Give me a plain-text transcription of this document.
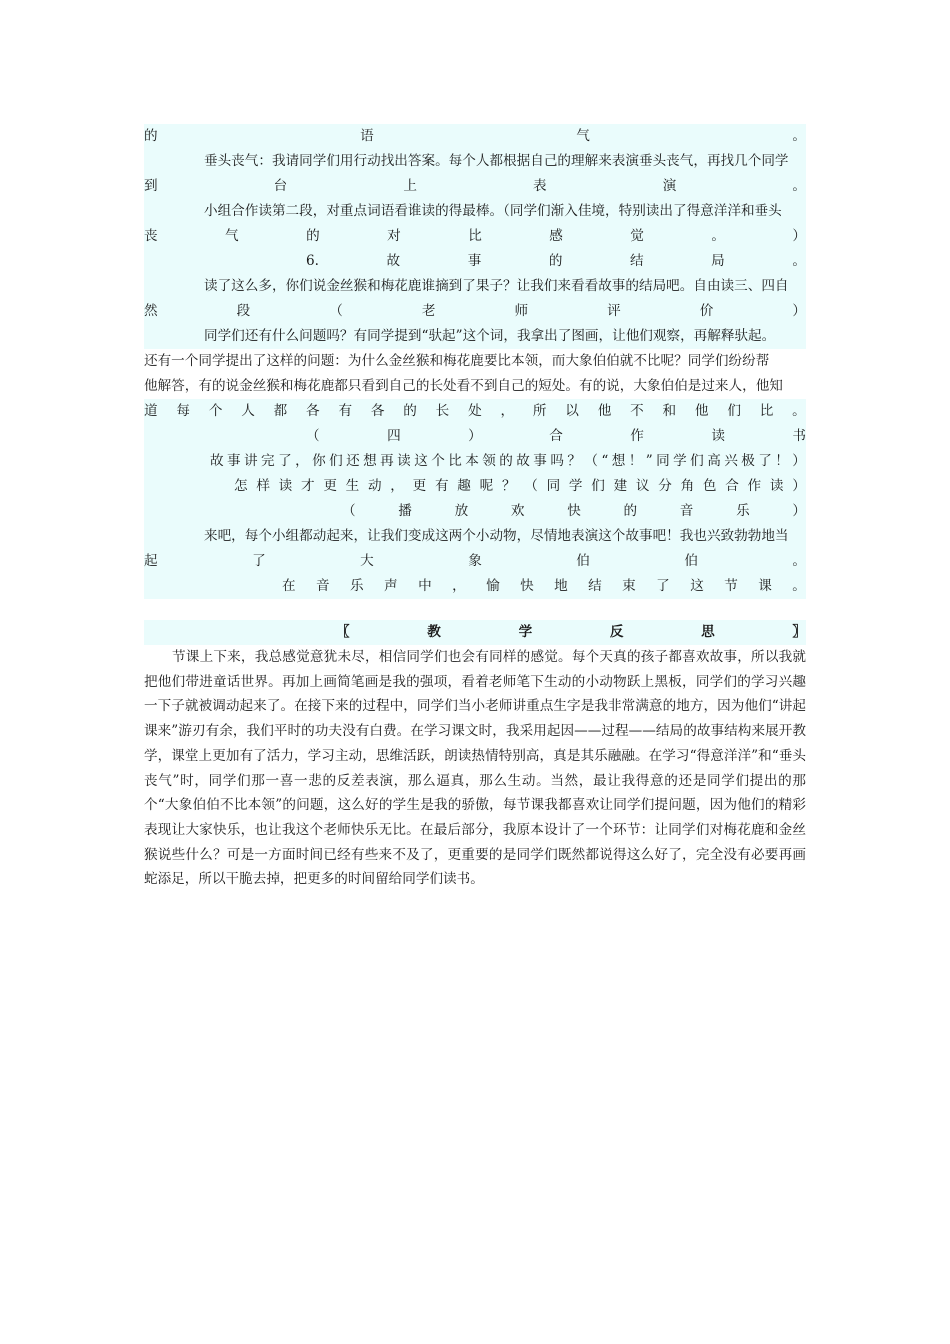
的	语	气	。
垂头丧气：我请同学们用行动找出答案。每个人都根据自己的理解来表演垂头丧气，再找几个同学
到	台	上	表	演	。
小组合作读第二段，对重点词语看谁读的得最棒。（同学们渐入佳境，特别读出了得意洋洋和垂头
丧	气	的	对	比	感	觉	。	）
6.	故	事	的	结	局	。
读了这么多，你们说金丝猴和梅花鹿谁摘到了果子？让我们来看看故事的结局吧。自由读三、四自
然	段	（	老	师	评	价	）
同学们还有什么问题吗？有同学提到“驮起”这个词，我拿出了图画，让他们观察，再解释驮起。
还有一个同学提出了这样的问题：为什么金丝猴和梅花鹿要比本领，而大象伯伯就不比呢？同学们纷纷帮
他解答，有的说金丝猴和梅花鹿都只看到自己的长处看不到自己的短处。有的说，大象伯伯是过来人，他知
道 每 个 人 都 各 有 各 的 长 处 ， 所 以 他 不 和 他 们 比 。
（	四	）	合	作	读	书
故 事 讲 完 了 ， 你 们 还 想 再 读 这 个 比 本 领 的 故 事 吗 ？ （ “ 想 ！ ” 同 学 们 高 兴 极 了 ！ ）
怎 样 读 才 更 生 动 ， 更 有 趣 呢 ？ （ 同 学 们 建 议 分 角 色 合 作 读 ）
（	播	放	欢	快	的	音	乐	）
来吧，每个小组都动起来，让我们变成这两个小动物，尽情地表演这个故事吧！我也兴致勃勃地当
起	了	大	象	伯	伯	。
在 音 乐 声 中 ， 愉 快 地 结 束 了 这 节 课 。
〖	教	学	反	思	〗
节课上下来，我总感觉意犹未尽，相信同学们也会有同样的感觉。每个天真的孩子都喜欢故事，所以我就把他们带进童话世界。再加上画简笔画是我的强项，看着老师笔下生动的小动物跃上黑板，同学们的学习兴趣一下子就被调动起来了。在接下来的过程中，同学们当小老师讲重点生字是我非常满意的地方，因为他们“讲起课来”游刃有余，我们平时的功夫没有白费。在学习课文时，我采用起因——过程——结局的故事结构来展开教学，课堂上更加有了活力，学习主动，思维活跃，朗读热情特别高，真是其乐融融。在学习“得意洋洋”和“垂头丧气”时，同学们那一喜一悲的反差表演，那么逼真，那么生动。当然，最让我得意的还是同学们提出的那个“大象伯伯不比本领”的问题，这么好的学生是我的骄傲，每节课我都喜欢让同学们提问题，因为他们的精彩表现让大家快乐，也让我这个老师快乐无比。在最后部分，我原本设计了一个环节：让同学们对梅花鹿和金丝猴说些什么？可是一方面时间已经有些来不及了，更重要的是同学们既然都说得这么好了，完全没有必要再画蛇添足，所以干脆去掉，把更多的时间留给同学们读书。
